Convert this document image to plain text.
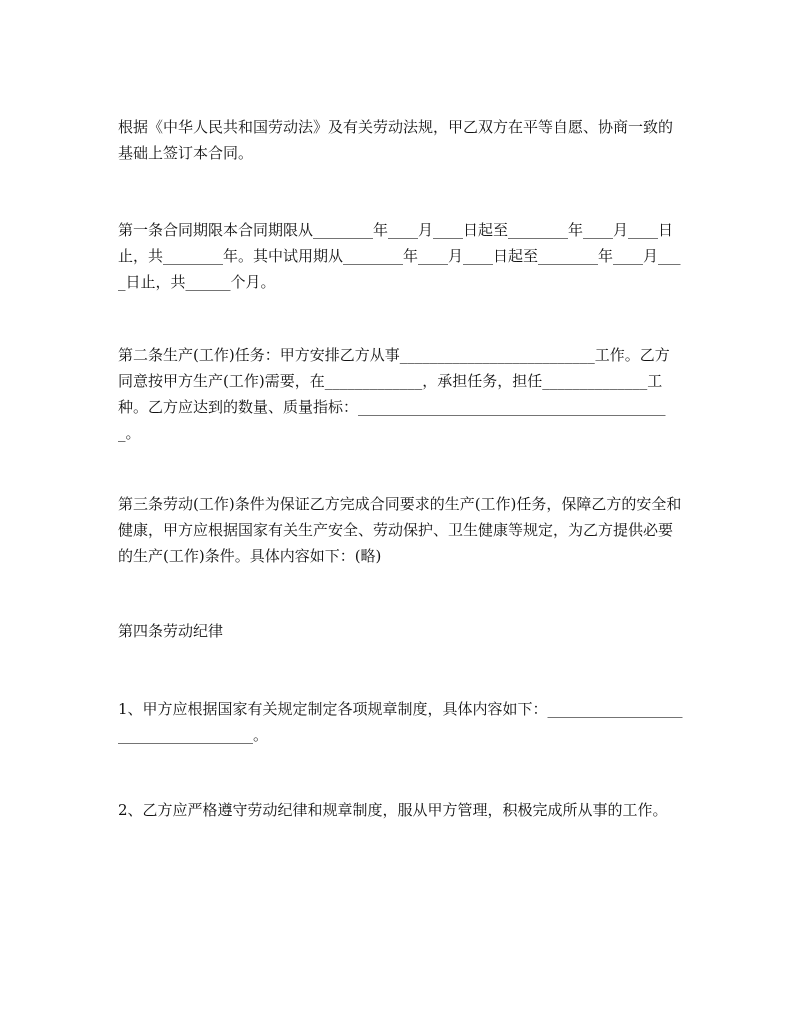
根据《中华人民共和国劳动法》及有关劳动法规，甲乙双方在平等自愿、协商一致的基础上签订本合同。

第一条合同期限本合同期限从________年____月____日起至________年____月____日止，共________年。其中试用期从________年____月____日起至________年____月____日止，共______个月。

第二条生产(工作)任务：甲方安排乙方从事__________________________工作。乙方同意按甲方生产(工作)需要，在_____________，承担任务，担任______________工种。乙方应达到的数量、质量指标：__________________________________________。

第三条劳动(工作)条件为保证乙方完成合同要求的生产(工作)任务，保障乙方的安全和健康，甲方应根据国家有关生产安全、劳动保护、卫生健康等规定，为乙方提供必要的生产(工作)条件。具体内容如下：(略)

第四条劳动纪律

1、甲方应根据国家有关规定制定各项规章制度，具体内容如下：____________________________________。

2、乙方应严格遵守劳动纪律和规章制度，服从甲方管理，积极完成所从事的工作。
